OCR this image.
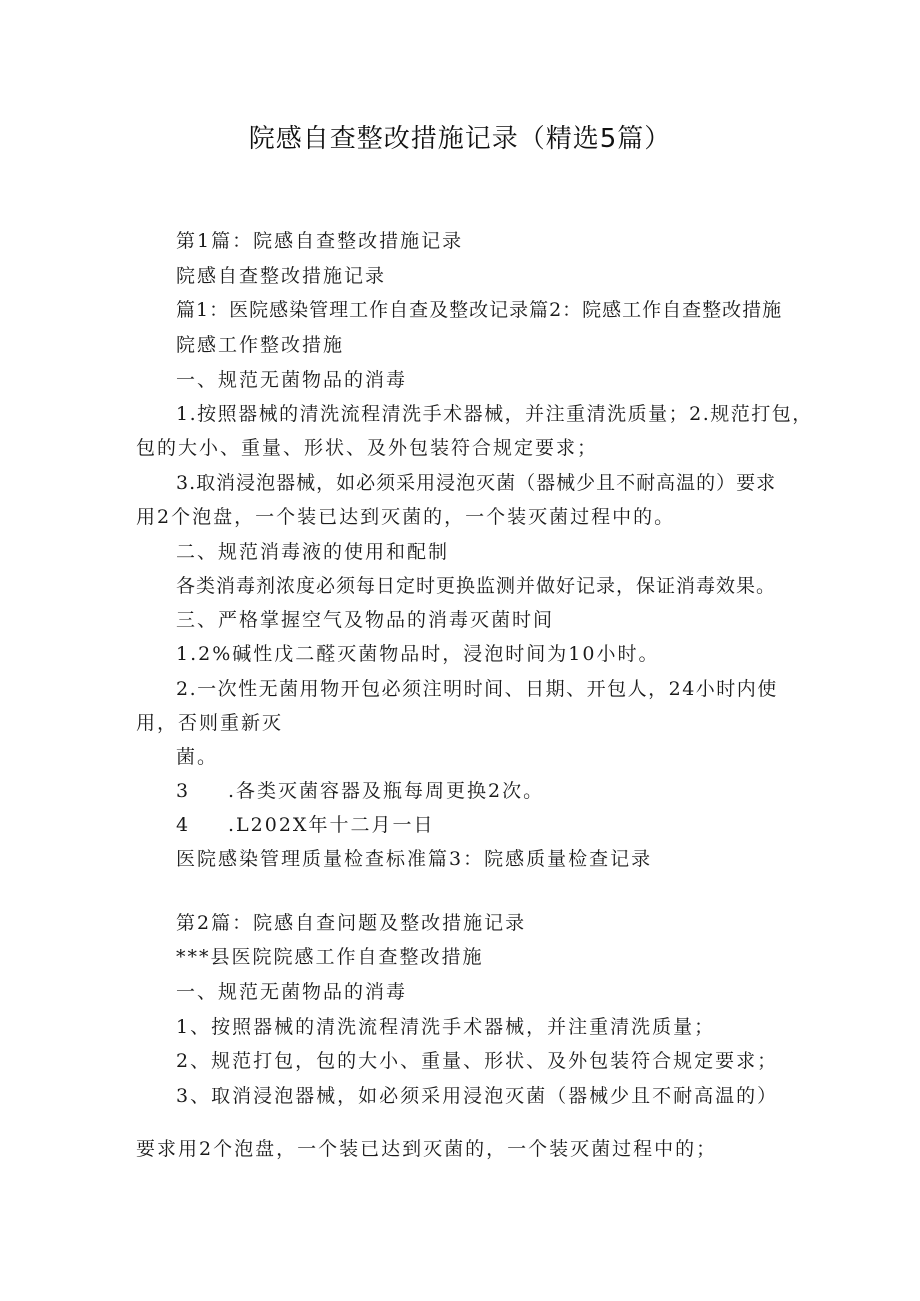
院感自查整改措施记录（精选5篇）
第1篇：院感自查整改措施记录
院感自查整改措施记录
篇1：医院感染管理工作自查及整改记录篇2：院感工作自查整改措施
院感工作整改措施
一、规范无菌物品的消毒
1.按照器械的清洗流程清洗手术器械，并注重清洗质量；2.规范打包，
包的大小、重量、形状、及外包装符合规定要求；
3.取消浸泡器械，如必须采用浸泡灭菌（器械少且不耐高温的）要求
用2个泡盘，一个装已达到灭菌的，一个装灭菌过程中的。
二、规范消毒液的使用和配制
各类消毒剂浓度必须每日定时更换监测并做好记录，保证消毒效果。
三、严格掌握空气及物品的消毒灭菌时间
1.2%碱性戊二醛灭菌物品时，浸泡时间为10小时。
2.一次性无菌用物开包必须注明时间、日期、开包人，24小时内使
用，否则重新灭
菌。
3 .各类灭菌容器及瓶每周更换2次。
4 .L202X年十二月一日
医院感染管理质量检查标准篇3：院感质量检查记录
第2篇：院感自查问题及整改措施记录
***县医院院感工作自查整改措施
一、规范无菌物品的消毒
1、按照器械的清洗流程清洗手术器械，并注重清洗质量；
2、规范打包，包的大小、重量、形状、及外包装符合规定要求；
3、取消浸泡器械，如必须采用浸泡灭菌（器械少且不耐高温的）
要求用2个泡盘，一个装已达到灭菌的，一个装灭菌过程中的；
